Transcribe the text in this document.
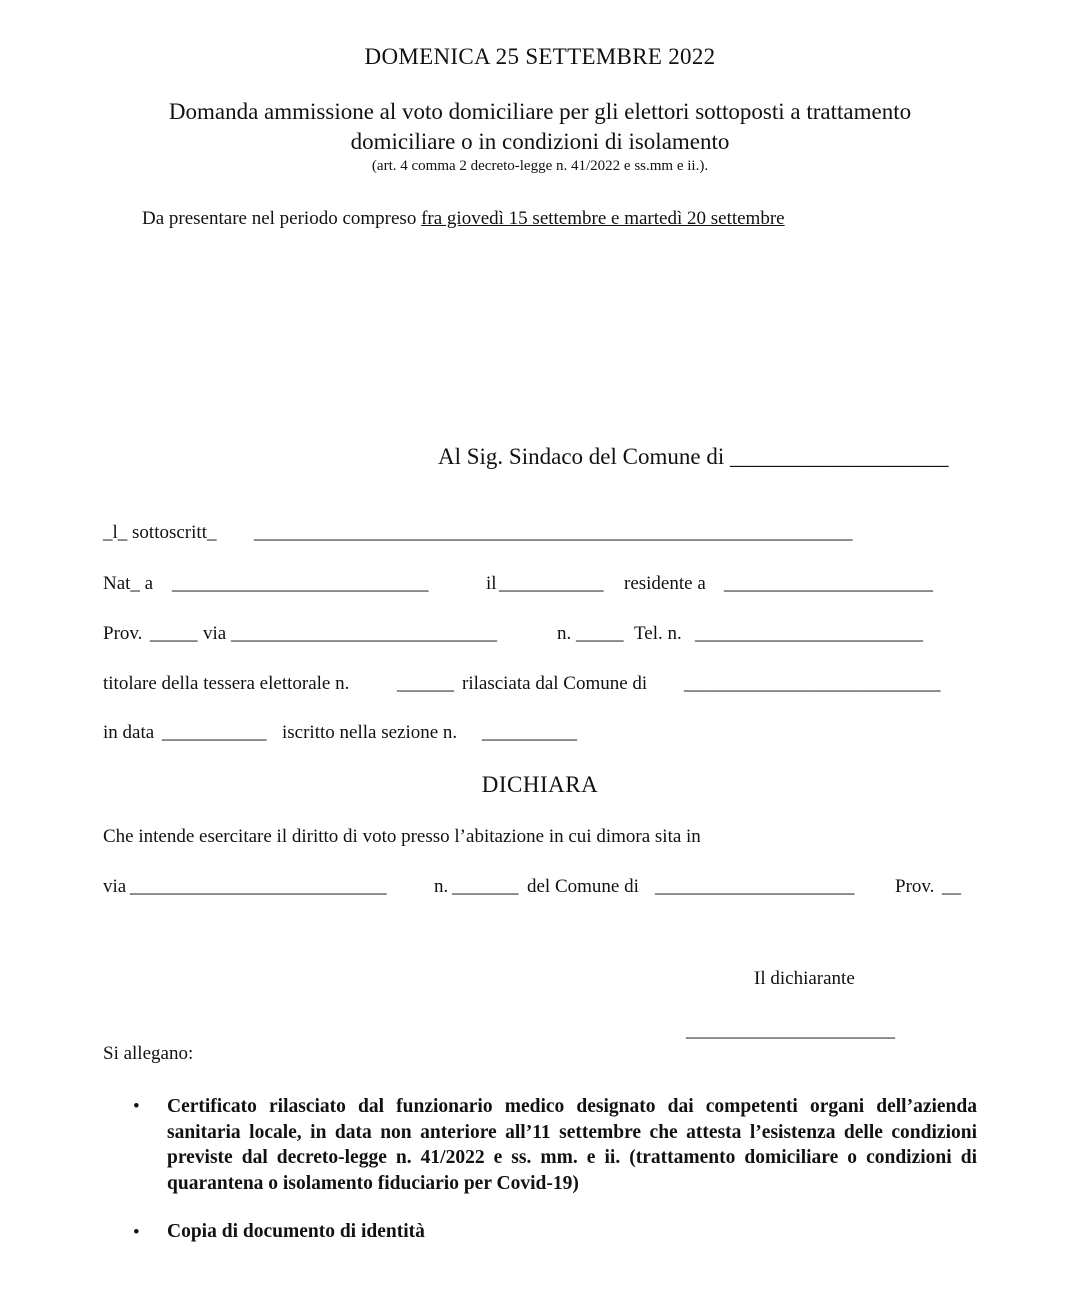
DOMENICA 25 SETTEMBRE 2022
Domanda ammissione al voto domiciliare per gli elettori sottoposti a trattamento
domiciliare o in condizioni di isolamento
(art. 4 comma 2 decreto-legge n. 41/2022 e ss.mm e ii.).
Da presentare nel periodo compreso fra giovedì 15 settembre e martedì 20 settembre
Al Sig. Sindaco del Comune di ___________________
_l_ sottoscritt_ _______________________________________________________________
Nat_ a ___________________________	il ___________ residente a ______________________
Prov. _____ via ____________________________	n. _____ Tel. n. ________________________
titolare della tessera elettorale n.	______ rilasciata dal Comune di ___________________________
in data ___________ iscritto nella sezione n. __________
DICHIARA
Che intende esercitare il diritto di voto presso l’abitazione in cui dimora sita in
via ___________________________	n. _______ del Comune di _____________________ Prov. __
Il dichiarante
______________________
Si allegano:
• Certificato rilasciato dal funzionario medico designato dai competenti organi dell’azienda sanitaria locale, in data non anteriore all’11 settembre che attesta l’esistenza delle condizioni previste dal decreto-legge n. 41/2022 e ss. mm. e ii. (trattamento domiciliare o condizioni di quarantena o isolamento fiduciario per Covid-19)
• Copia di documento di identità
